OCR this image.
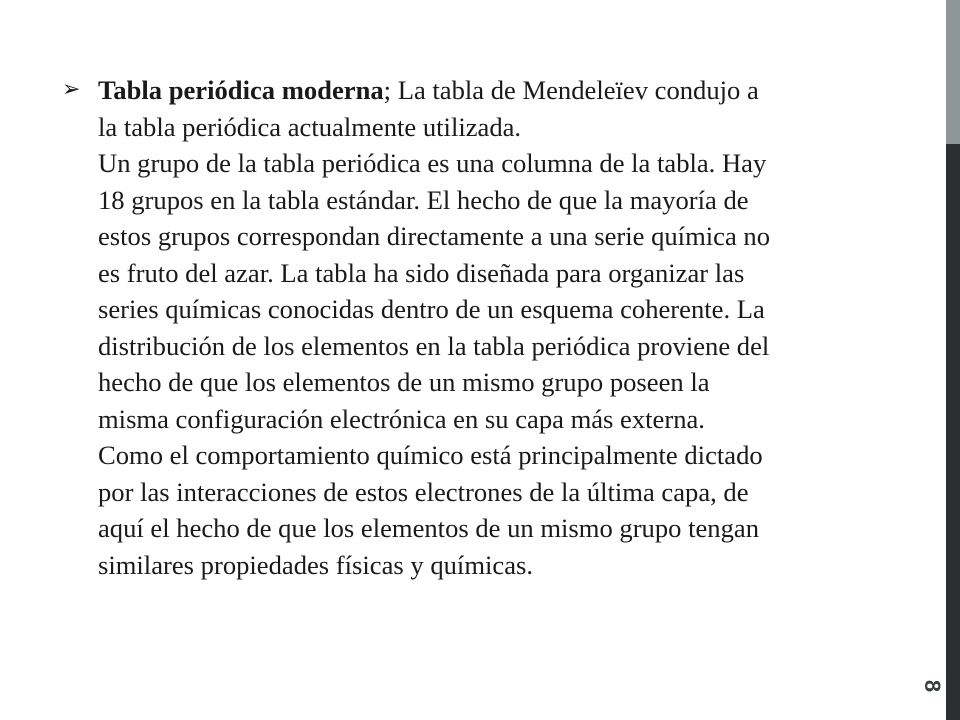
➢ Tabla periódica moderna; La tabla de Mendeleïev condujo a
la tabla periódica actualmente utilizada.
Un grupo de la tabla periódica es una columna de la tabla. Hay
18 grupos en la tabla estándar. El hecho de que la mayoría de
estos grupos correspondan directamente a una serie química no
es fruto del azar. La tabla ha sido diseñada para organizar las
series químicas conocidas dentro de un esquema coherente. La
distribución de los elementos en la tabla periódica proviene del
hecho de que los elementos de un mismo grupo poseen la
misma configuración electrónica en su capa más externa.
Como el comportamiento químico está principalmente dictado
por las interacciones de estos electrones de la última capa, de
aquí el hecho de que los elementos de un mismo grupo tengan
similares propiedades físicas y químicas.
8
